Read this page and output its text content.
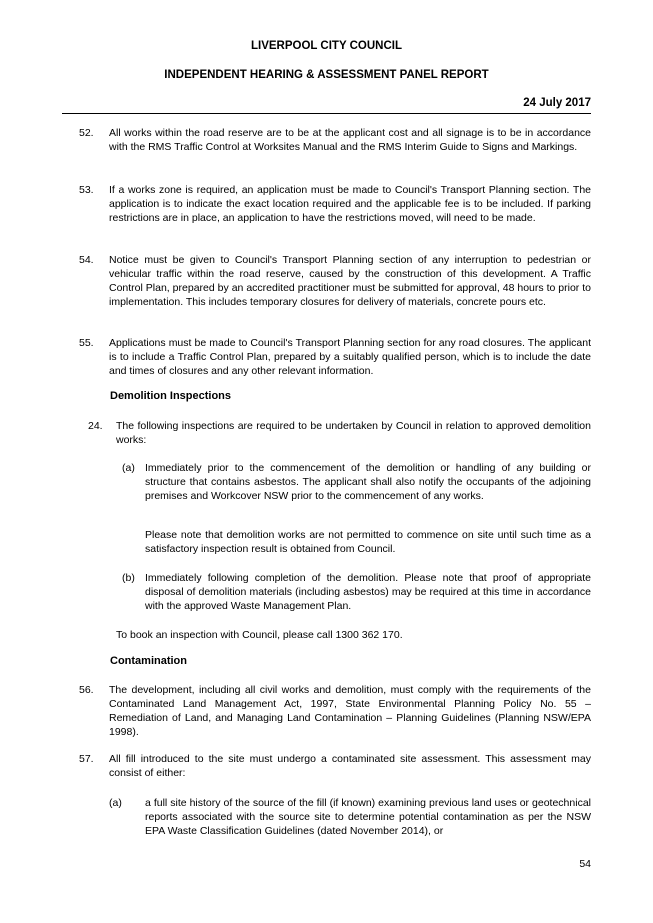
LIVERPOOL CITY COUNCIL
INDEPENDENT HEARING & ASSESSMENT PANEL REPORT
24 July 2017
52. All works within the road reserve are to be at the applicant cost and all signage is to be in accordance with the RMS Traffic Control at Worksites Manual and the RMS Interim Guide to Signs and Markings.
53. If a works zone is required, an application must be made to Council's Transport Planning section. The application is to indicate the exact location required and the applicable fee is to be included. If parking restrictions are in place, an application to have the restrictions moved, will need to be made.
54. Notice must be given to Council's Transport Planning section of any interruption to pedestrian or vehicular traffic within the road reserve, caused by the construction of this development. A Traffic Control Plan, prepared by an accredited practitioner must be submitted for approval, 48 hours to prior to implementation. This includes temporary closures for delivery of materials, concrete pours etc.
55. Applications must be made to Council's Transport Planning section for any road closures. The applicant is to include a Traffic Control Plan, prepared by a suitably qualified person, which is to include the date and times of closures and any other relevant information.
Demolition Inspections
24. The following inspections are required to be undertaken by Council in relation to approved demolition works:
(a) Immediately prior to the commencement of the demolition or handling of any building or structure that contains asbestos. The applicant shall also notify the occupants of the adjoining premises and Workcover NSW prior to the commencement of any works.
Please note that demolition works are not permitted to commence on site until such time as a satisfactory inspection result is obtained from Council.
(b) Immediately following completion of the demolition. Please note that proof of appropriate disposal of demolition materials (including asbestos) may be required at this time in accordance with the approved Waste Management Plan.
To book an inspection with Council, please call 1300 362 170.
Contamination
56. The development, including all civil works and demolition, must comply with the requirements of the Contaminated Land Management Act, 1997, State Environmental Planning Policy No. 55 – Remediation of Land, and Managing Land Contamination – Planning Guidelines (Planning NSW/EPA 1998).
57. All fill introduced to the site must undergo a contaminated site assessment. This assessment may consist of either:
(a) a full site history of the source of the fill (if known) examining previous land uses or geotechnical reports associated with the source site to determine potential contamination as per the NSW EPA Waste Classification Guidelines (dated November 2014), or
54
